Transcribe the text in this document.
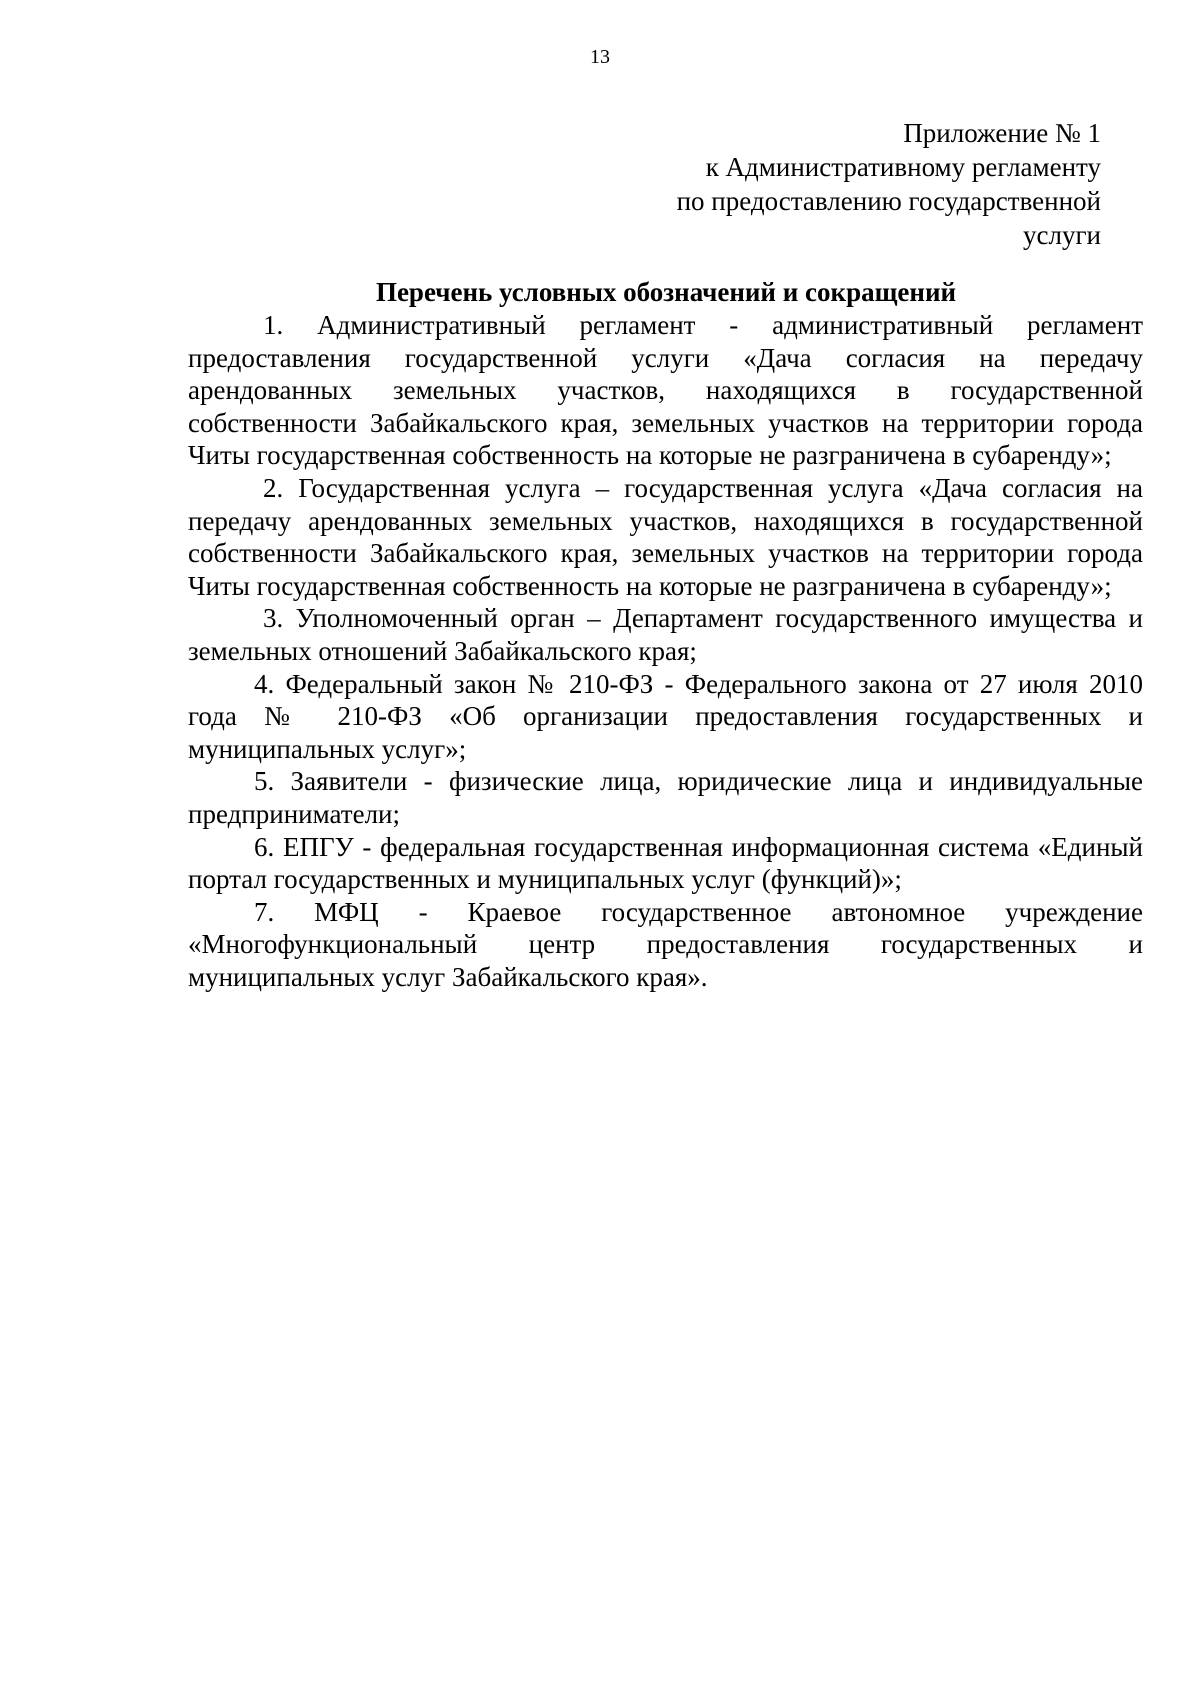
13
Приложение № 1
к Административному регламенту
по предоставлению государственной
услуги
Перечень условных обозначений и сокращений

1. Административный регламент - административный регламент предоставления государственной услуги «Дача согласия на передачу арендованных земельных участков, находящихся в государственной собственности Забайкальского края, земельных участков на территории города Читы государственная собственность на которые не разграничена в субаренду»;

2. Государственная услуга – государственная услуга «Дача согласия на передачу арендованных земельных участков, находящихся в государственной собственности Забайкальского края, земельных участков на территории города Читы государственная собственность на которые не разграничена в субаренду»;

3. Уполномоченный орган – Департамент государственного имущества и земельных отношений Забайкальского края;

4. Федеральный закон № 210-ФЗ - Федерального закона от 27 июля 2010 года № 210-ФЗ «Об организации предоставления государственных и муниципальных услуг»;

5. Заявители - физические лица, юридические лица и индивидуальные предприниматели;

6. ЕПГУ - федеральная государственная информационная система «Единый портал государственных и муниципальных услуг (функций)»;

7. МФЦ - Краевое государственное автономное учреждение «Многофункциональный центр предоставления государственных и муниципальных услуг Забайкальского края».
